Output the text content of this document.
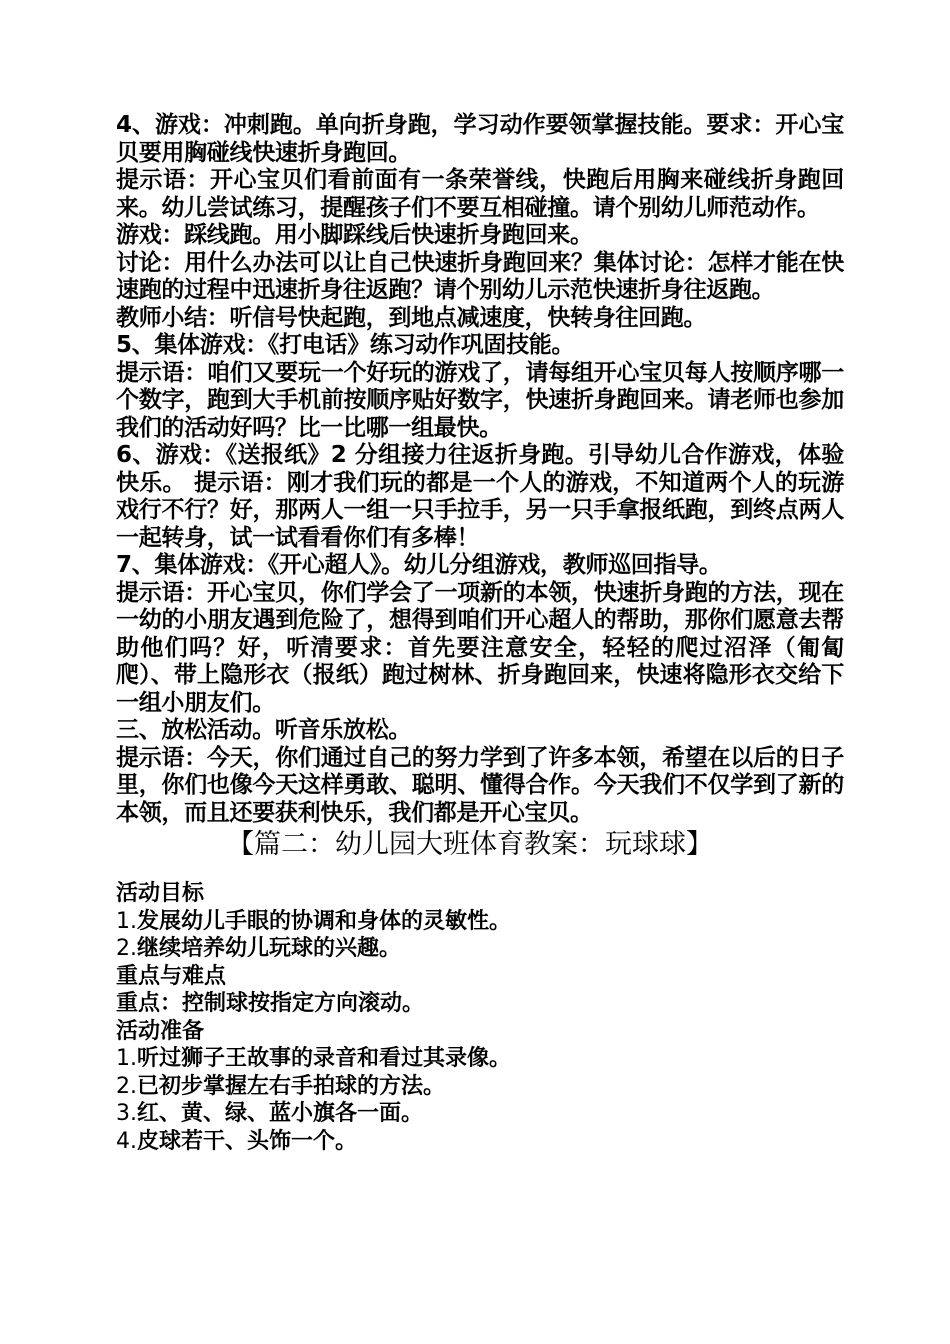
4、游戏：冲刺跑。单向折身跑，学习动作要领掌握技能。要求：开心宝贝要用胸碰线快速折身跑回。

提示语：开心宝贝们看前面有一条荣誉线，快跑后用胸来碰线折身跑回来。幼儿尝试练习，提醒孩子们不要互相碰撞。请个别幼儿师范动作。

游戏：踩线跑。用小脚踩线后快速折身跑回来。

讨论：用什么办法可以让自己快速折身跑回来？集体讨论：怎样才能在快速跑的过程中迅速折身往返跑？请个别幼儿示范快速折身往返跑。

教师小结：听信号快起跑，到地点减速度，快转身往回跑。

5、集体游戏：《打电话》练习动作巩固技能。

提示语：咱们又要玩一个好玩的游戏了，请每组开心宝贝每人按顺序哪一个数字，跑到大手机前按顺序贴好数字，快速折身跑回来。请老师也参加我们的活动好吗？比一比哪一组最快。

6、游戏：《送报纸》2 分组接力往返折身跑。引导幼儿合作游戏，体验快乐。 提示语：刚才我们玩的都是一个人的游戏，不知道两个人的玩游戏行不行？好，那两人一组一只手拉手，另一只手拿报纸跑，到终点两人一起转身，试一试看看你们有多棒！

7、集体游戏：《开心超人》。幼儿分组游戏，教师巡回指导。

提示语：开心宝贝，你们学会了一项新的本领，快速折身跑的方法，现在一幼的小朋友遇到危险了，想得到咱们开心超人的帮助，那你们愿意去帮助他们吗？好，听清要求：首先要注意安全，轻轻的爬过沼泽（匍匐爬）、带上隐形衣（报纸）跑过树林、折身跑回来，快速将隐形衣交给下一组小朋友们。

三、放松活动。听音乐放松。

提示语：今天，你们通过自己的努力学到了许多本领，希望在以后的日子里，你们也像今天这样勇敢、聪明、懂得合作。今天我们不仅学到了新的本领，而且还要获利快乐，我们都是开心宝贝。

【篇二：幼儿园大班体育教案：玩球球】

活动目标

1.发展幼儿手眼的协调和身体的灵敏性。

2.继续培养幼儿玩球的兴趣。

重点与难点

重点：控制球按指定方向滚动。

活动准备

1.听过狮子王故事的录音和看过其录像。

2.已初步掌握左右手拍球的方法。

3.红、黄、绿、蓝小旗各一面。

4.皮球若干、头饰一个。
